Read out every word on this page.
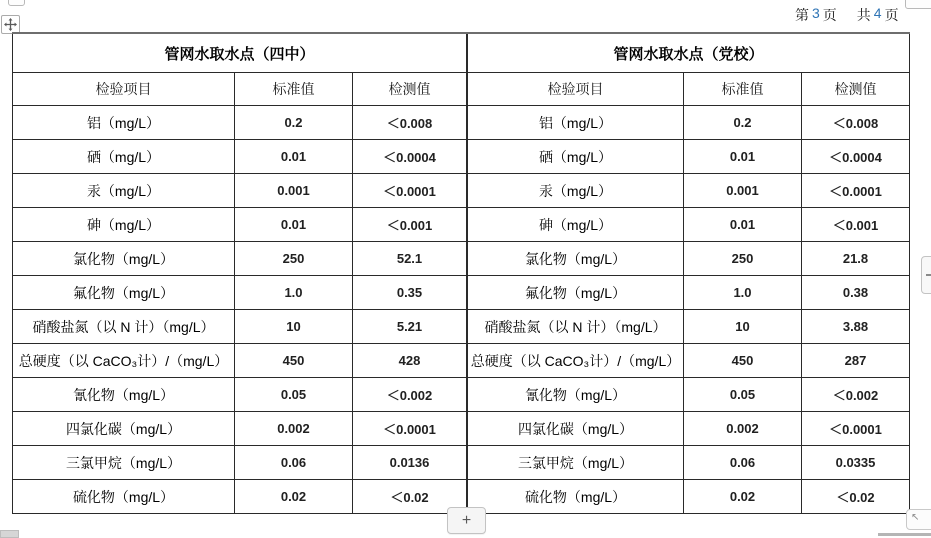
第 3 页 共 4 页
管网水取水点（四中）		
检验项目	标准值	检测值
铝（mg/L）	0.2	＜0.008
硒（mg/L）	0.01	＜0.0004
汞（mg/L）	0.001	＜0.0001
砷（mg/L）	0.01	＜0.001
氯化物（mg/L）	250	52.1
氟化物（mg/L）	1.0	0.35
硝酸盐氮（以 N 计）（mg/L）	10	5.21
总硬度（以 CaCO₃计）/（mg/L）	450	428
氰化物（mg/L）	0.05	＜0.002
四氯化碳（mg/L）	0.002	＜0.0001
三氯甲烷（mg/L）	0.06	0.0136
硫化物（mg/L）	0.02	＜0.02
管网水取水点（党校）		
检验项目	标准值	检测值
铝（mg/L）	0.2	＜0.008
硒（mg/L）	0.01	＜0.0004
汞（mg/L）	0.001	＜0.0001
砷（mg/L）	0.01	＜0.001
氯化物（mg/L）	250	21.8
氟化物（mg/L）	1.0	0.38
硝酸盐氮（以 N 计）（mg/L）	10	3.88
总硬度（以 CaCO₃计）/（mg/L）	450	287
氰化物（mg/L）	0.05	＜0.002
四氯化碳（mg/L）	0.002	＜0.0001
三氯甲烷（mg/L）	0.06	0.0335
硫化物（mg/L）	0.02	＜0.02
+	↖
